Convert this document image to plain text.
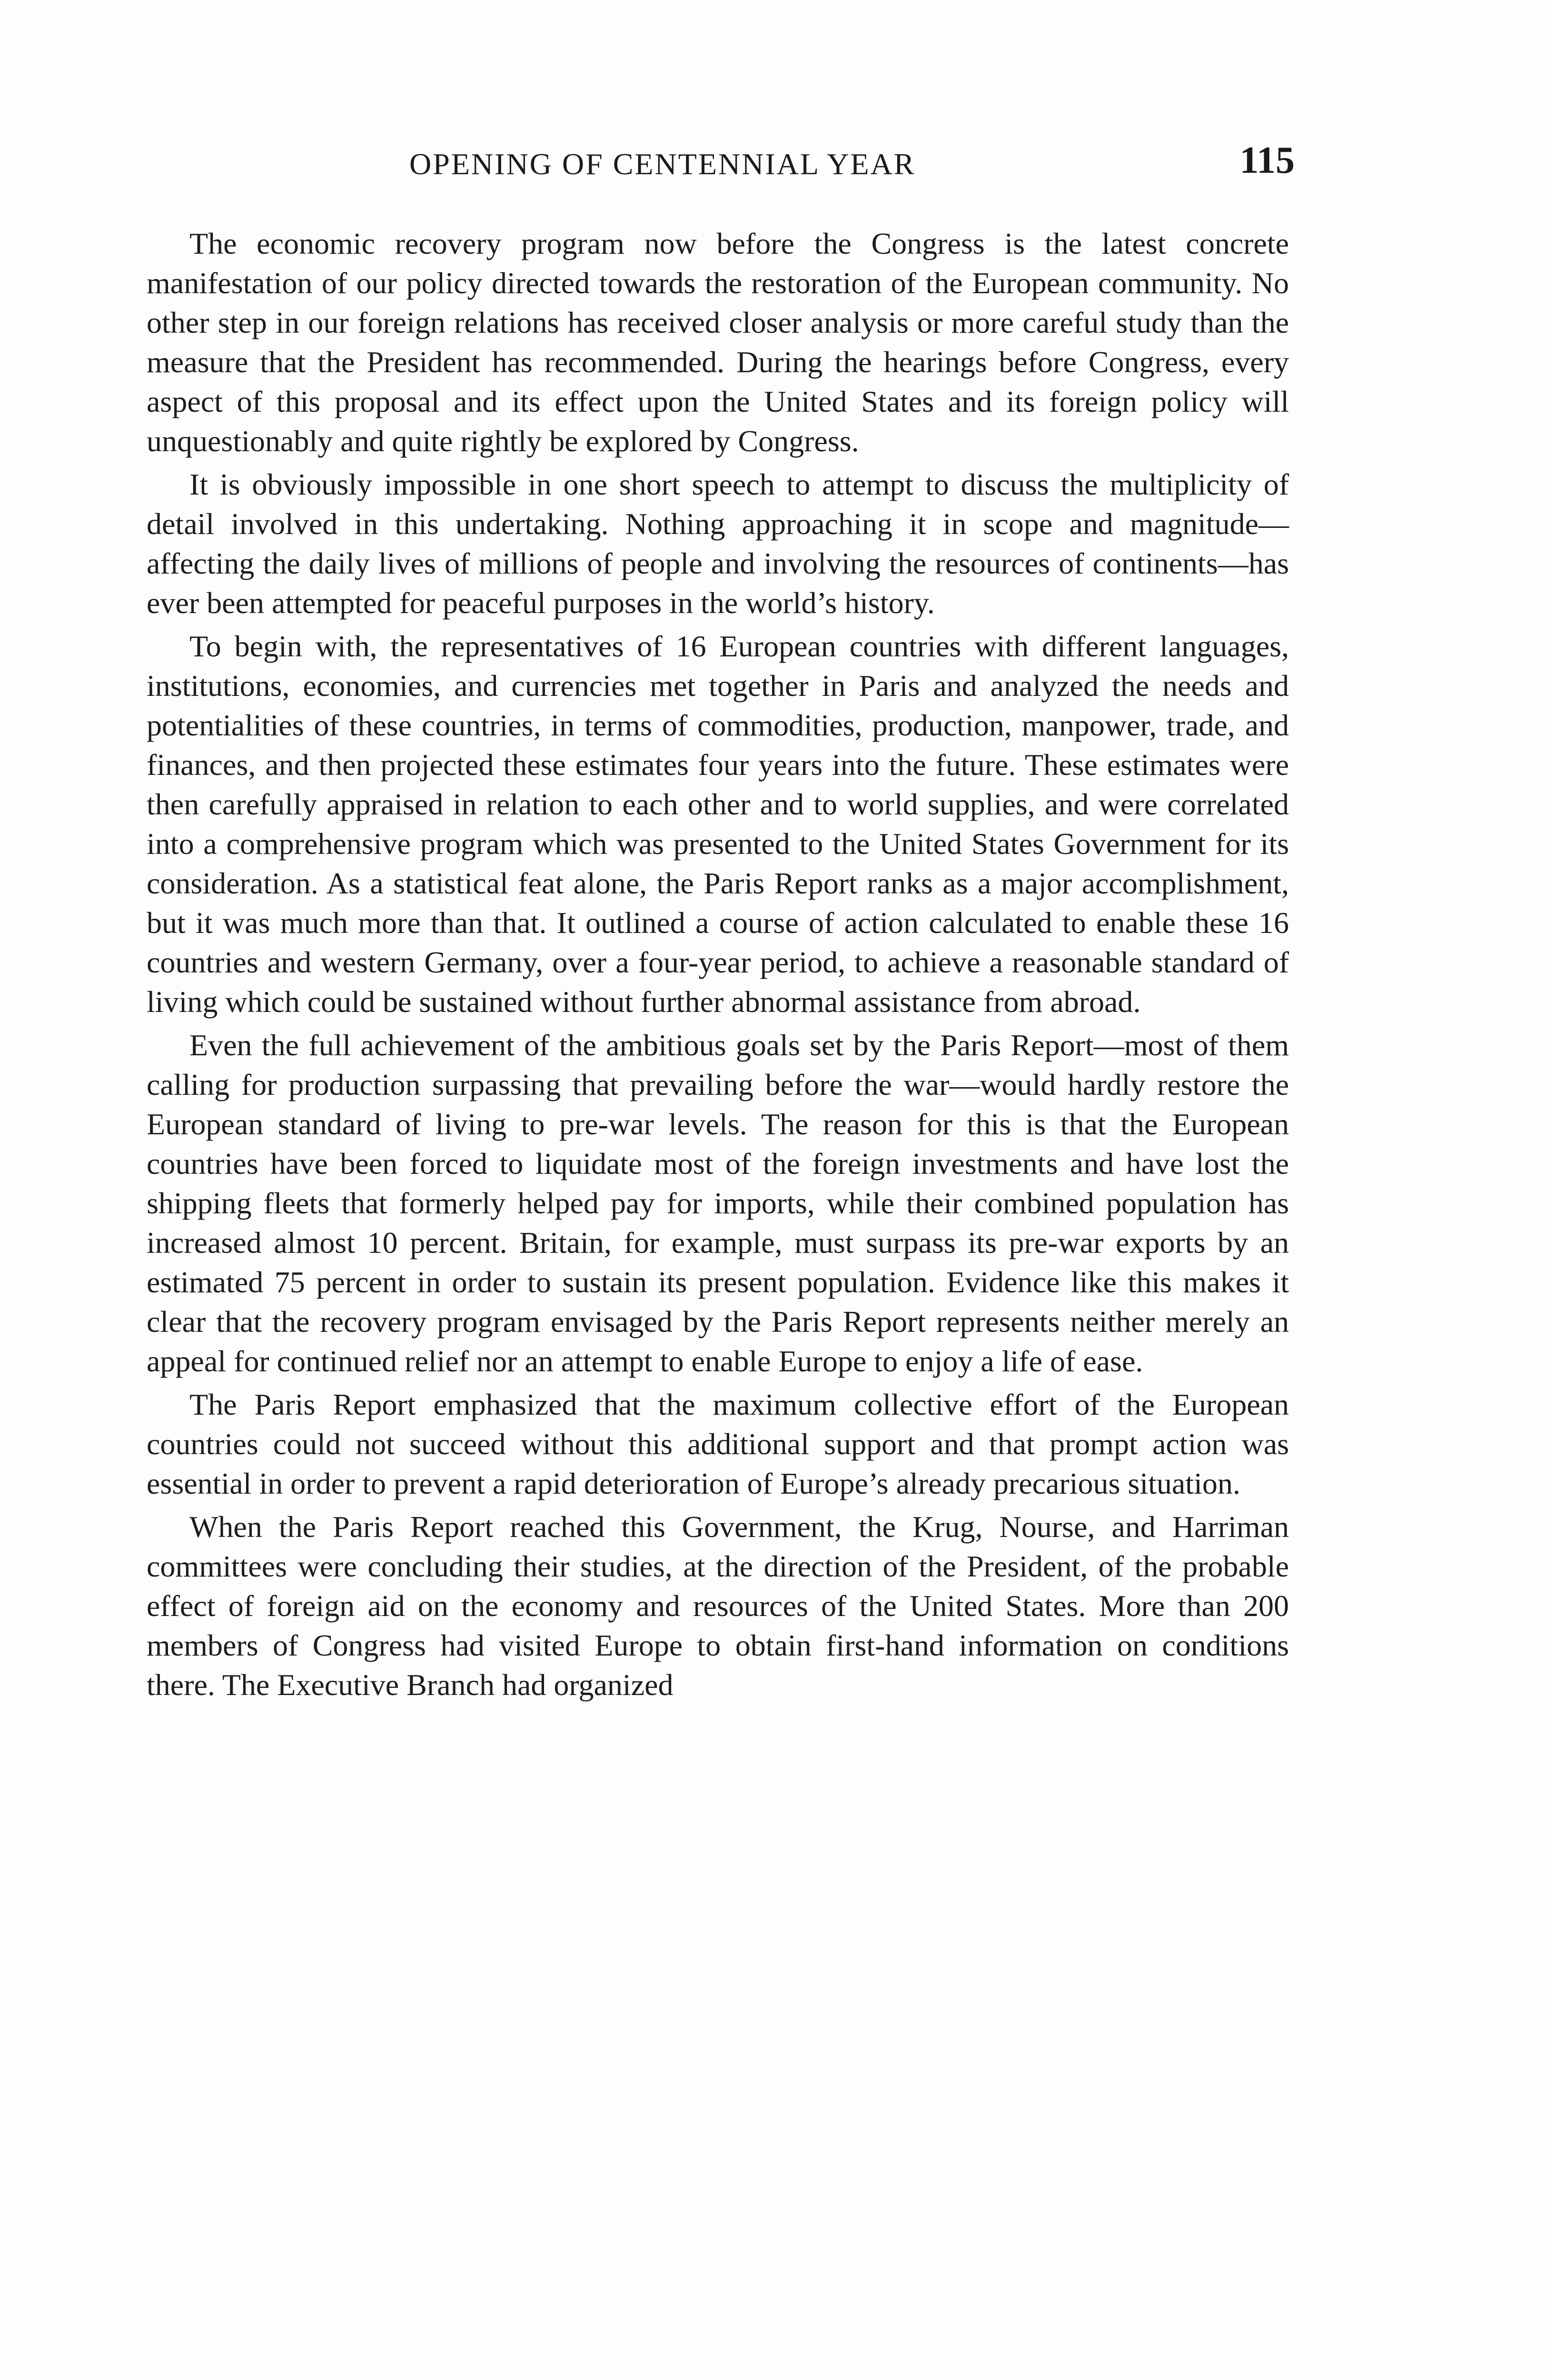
OPENING OF CENTENNIAL YEAR	115

The economic recovery program now before the Congress is the latest concrete manifestation of our policy directed towards the restoration of the European community. No other step in our foreign relations has received closer analysis or more careful study than the measure that the President has recommended. During the hearings before Congress, every aspect of this proposal and its effect upon the United States and its foreign policy will unquestionably and quite rightly be explored by Congress.

It is obviously impossible in one short speech to attempt to discuss the multiplicity of detail involved in this undertaking. Nothing approaching it in scope and magnitude—affecting the daily lives of millions of people and involving the resources of continents—has ever been attempted for peaceful purposes in the world’s history.

To begin with, the representatives of 16 European countries with different languages, institutions, economies, and currencies met together in Paris and analyzed the needs and potentialities of these countries, in terms of commodities, production, manpower, trade, and finances, and then projected these estimates four years into the future. These estimates were then carefully appraised in relation to each other and to world supplies, and were correlated into a comprehensive program which was presented to the United States Government for its consideration. As a statistical feat alone, the Paris Report ranks as a major accomplishment, but it was much more than that. It outlined a course of action calculated to enable these 16 countries and western Germany, over a four-year period, to achieve a reasonable standard of living which could be sustained without further abnormal assistance from abroad.

Even the full achievement of the ambitious goals set by the Paris Report—most of them calling for production surpassing that prevailing before the war—would hardly restore the European standard of living to pre-war levels. The reason for this is that the European countries have been forced to liquidate most of the foreign investments and have lost the shipping fleets that formerly helped pay for imports, while their combined population has increased almost 10 percent. Britain, for example, must surpass its pre-war exports by an estimated 75 percent in order to sustain its present population. Evidence like this makes it clear that the recovery program envisaged by the Paris Report represents neither merely an appeal for continued relief nor an attempt to enable Europe to enjoy a life of ease.

The Paris Report emphasized that the maximum collective effort of the European countries could not succeed without this additional support and that prompt action was essential in order to prevent a rapid deterioration of Europe’s already precarious situation.

When the Paris Report reached this Government, the Krug, Nourse, and Harriman committees were concluding their studies, at the direction of the President, of the probable effect of foreign aid on the economy and resources of the United States. More than 200 members of Congress had visited Europe to obtain first-hand information on conditions there. The Executive Branch had organized
